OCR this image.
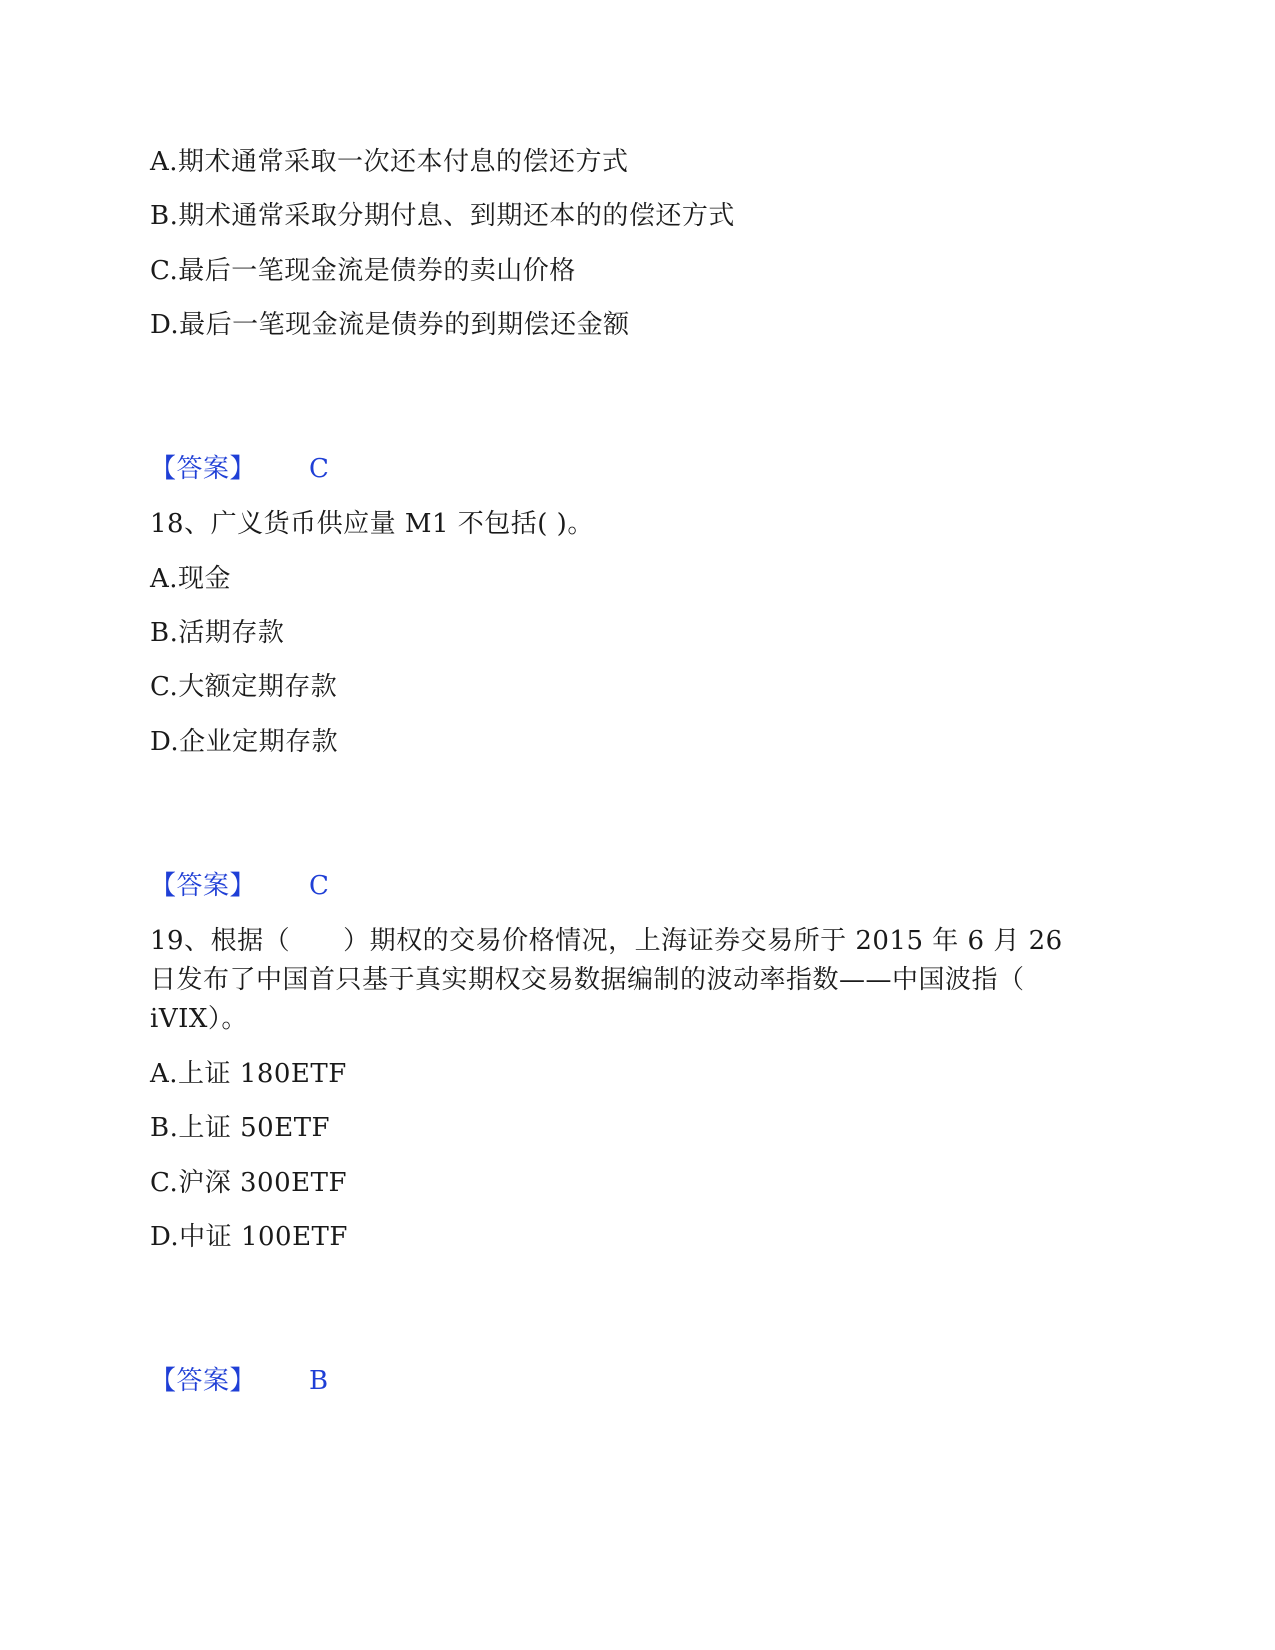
A.期术通常采取一次还本付息的偿还方式
B.期术通常采取分期付息、到期还本的的偿还方式
C.最后一笔现金流是债券的卖山价格
D.最后一笔现金流是债券的到期偿还金额
【答案】 C
18、广义货币供应量 M1 不包括( )。
A.现金
B.活期存款
C.大额定期存款
D.企业定期存款
【答案】 C
19、根据（　　）期权的交易价格情况，上海证券交易所于 2015 年 6 月 26
日发布了中国首只基于真实期权交易数据编制的波动率指数——中国波指（
iVIX）。
A.上证 180ETF
B.上证 50ETF
C.沪深 300ETF
D.中证 100ETF
【答案】 B
